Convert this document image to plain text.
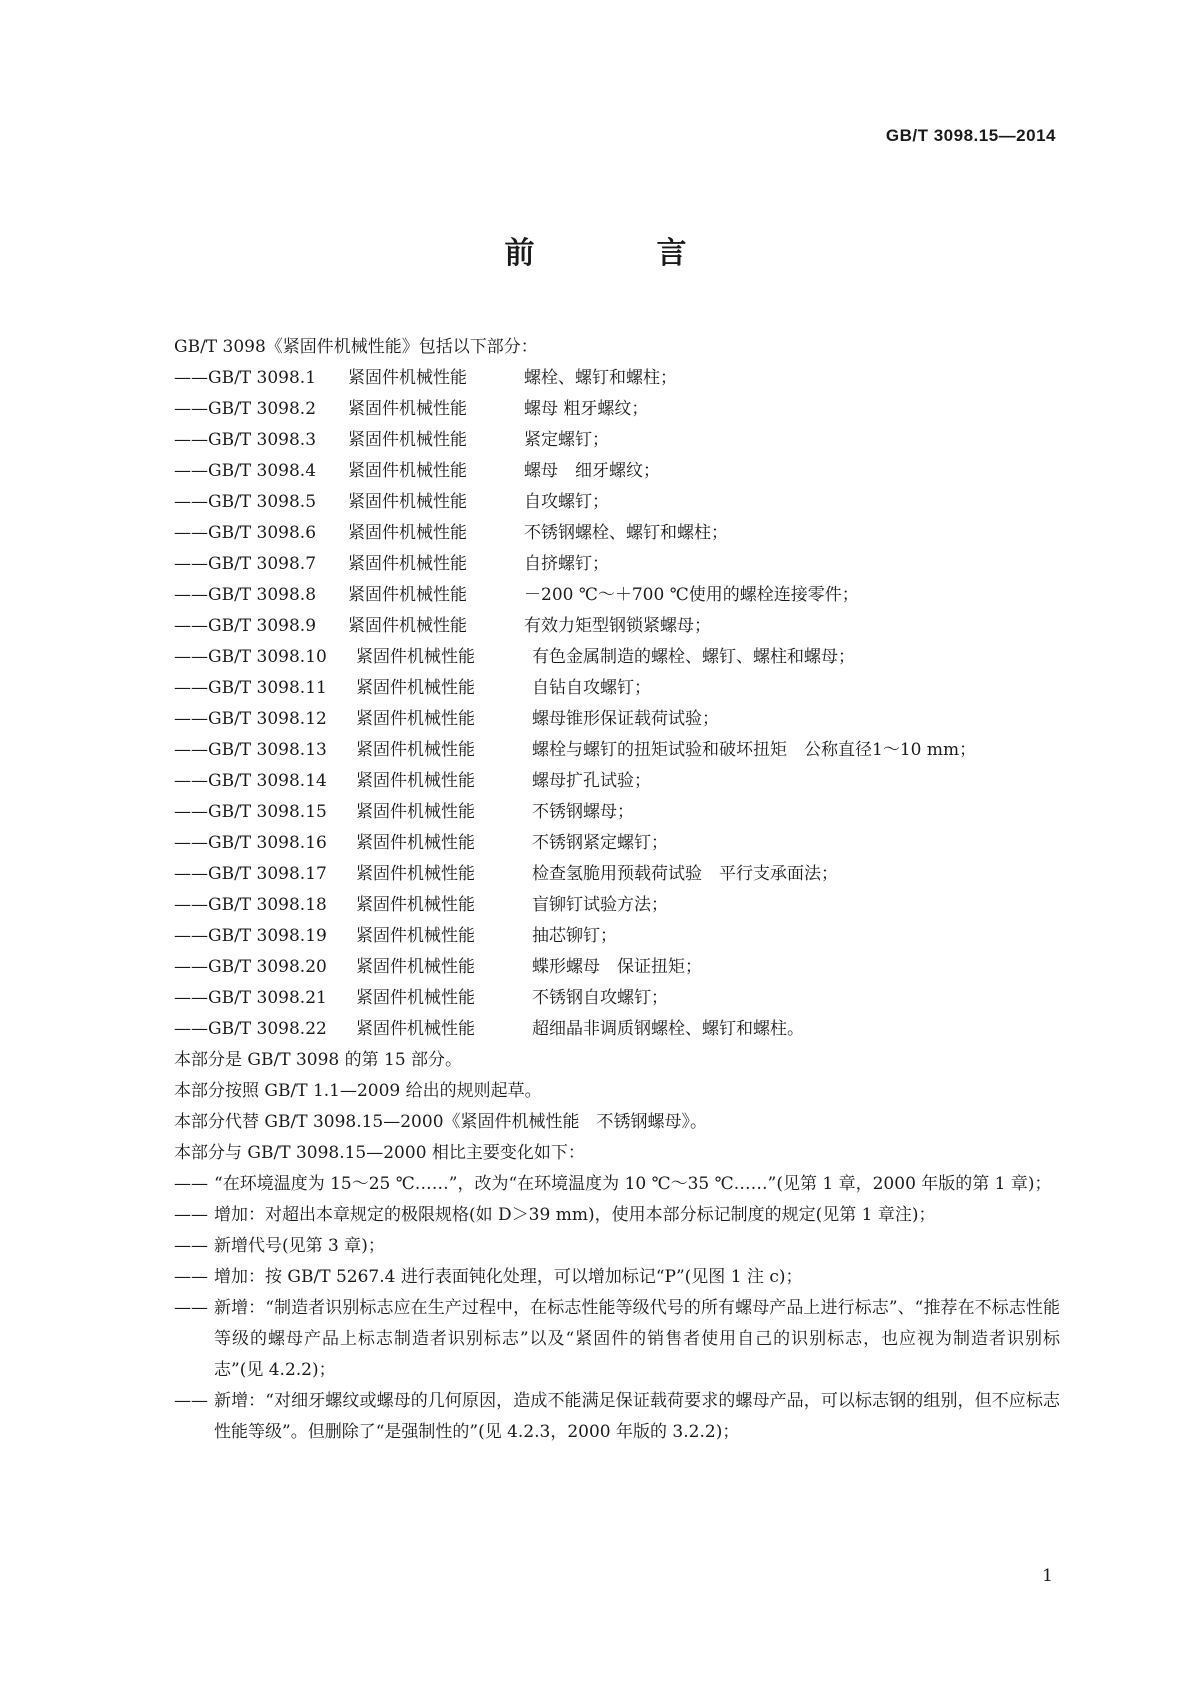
GB/T 3098.15—2014
前　言
GB/T 3098《紧固件机械性能》包括以下部分：
——GB/T 3098.1 紧固件机械性能	螺栓、螺钉和螺柱；
——GB/T 3098.2 紧固件机械性能	螺母 粗牙螺纹；
——GB/T 3098.3 紧固件机械性能	紧定螺钉；
——GB/T 3098.4 紧固件机械性能	螺母　细牙螺纹；
——GB/T 3098.5 紧固件机械性能	自攻螺钉；
——GB/T 3098.6 紧固件机械性能	不锈钢螺栓、螺钉和螺柱；
——GB/T 3098.7 紧固件机械性能	自挤螺钉；
——GB/T 3098.8 紧固件机械性能	－200 ℃～＋700 ℃使用的螺栓连接零件；
——GB/T 3098.9 紧固件机械性能	有效力矩型钢锁紧螺母；
——GB/T 3098.10 紧固件机械性能	有色金属制造的螺栓、螺钉、螺柱和螺母；
——GB/T 3098.11 紧固件机械性能	自钻自攻螺钉；
——GB/T 3098.12 紧固件机械性能	螺母锥形保证载荷试验；
——GB/T 3098.13 紧固件机械性能	螺栓与螺钉的扭矩试验和破坏扭矩　公称直径1～10 mm；
——GB/T 3098.14 紧固件机械性能	螺母扩孔试验；
——GB/T 3098.15 紧固件机械性能	不锈钢螺母；
——GB/T 3098.16 紧固件机械性能	不锈钢紧定螺钉；
——GB/T 3098.17 紧固件机械性能	检查氢脆用预载荷试验　平行支承面法；
——GB/T 3098.18 紧固件机械性能	盲铆钉试验方法；
——GB/T 3098.19 紧固件机械性能	抽芯铆钉；
——GB/T 3098.20 紧固件机械性能	蝶形螺母　保证扭矩；
——GB/T 3098.21 紧固件机械性能	不锈钢自攻螺钉；
——GB/T 3098.22 紧固件机械性能	超细晶非调质钢螺栓、螺钉和螺柱。
本部分是 GB/T 3098 的第 15 部分。
本部分按照 GB/T 1.1—2009 给出的规则起草。
本部分代替 GB/T 3098.15—2000《紧固件机械性能　不锈钢螺母》。
本部分与 GB/T 3098.15—2000 相比主要变化如下：
—— “在环境温度为 15～25 ℃……”，改为“在环境温度为 10 ℃～35 ℃……”(见第 1 章，2000 年版的第 1 章)；
—— 增加：对超出本章规定的极限规格(如 D＞39 mm)，使用本部分标记制度的规定(见第 1 章注)；
—— 新增代号(见第 3 章)；
—— 增加：按 GB/T 5267.4 进行表面钝化处理，可以增加标记“P”(见图 1 注 c)；
—— 新增：“制造者识别标志应在生产过程中，在标志性能等级代号的所有螺母产品上进行标志”、“推荐在不标志性能等级的螺母产品上标志制造者识别标志”以及“紧固件的销售者使用自己的识别标志，也应视为制造者识别标志”(见 4.2.2)；
—— 新增：“对细牙螺纹或螺母的几何原因，造成不能满足保证载荷要求的螺母产品，可以标志钢的组别，但不应标志性能等级”。但删除了“是强制性的”(见 4.2.3，2000 年版的 3.2.2)；
1
